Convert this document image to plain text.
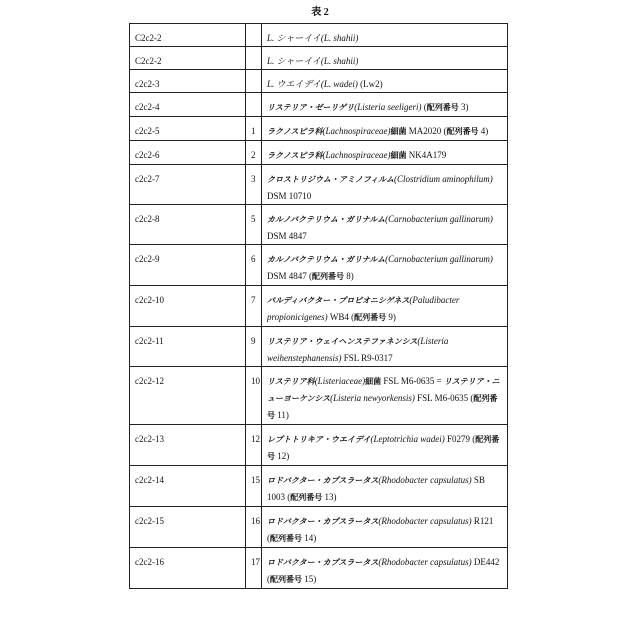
表 2
C2c2-2		L. シャーイイ(L. shahii)
C2c2-2		L. シャーイイ(L. shahii)
c2c2-3		L. ウエイデイ(L. wadei) (Lw2)
c2c2-4		リステリア・ゼーリゲリ(Listeria seeligeri) (配列番号 3)
c2c2-5	1	ラクノスピラ科(Lachnospiraceae)細菌 MA2020 (配列番号 4)
c2c2-6	2	ラクノスピラ科(Lachnospiraceae)細菌 NK4A179
c2c2-7	3	クロストリジウム・アミノフィルム(Clostridium aminophilum) DSM 10710
c2c2-8	5	カルノバクテリウム・ガリナルム(Carnobacterium gallinarum) DSM 4847
c2c2-9	6	カルノバクテリウム・ガリナルム(Carnobacterium gallinarum) DSM 4847 (配列番号 8)
c2c2-10	7	パルディバクター・プロピオニシゲネス(Paludibacter propionicigenes) WB4 (配列番号 9)
c2c2-11	9	リステリア・ウェイヘンステファネンシス(Listeria weihenstephanensis) FSL R9-0317
c2c2-12	10	リステリア科(Listeriaceae)細菌 FSL M6-0635 = リステリア・ニューヨーケンシス(Listeria newyorkensis) FSL M6-0635 (配列番号 11)
c2c2-13	12	レプトトリキア・ウエイデイ(Leptotrichia wadei) F0279 (配列番号 12)
c2c2-14	15	ロドバクター・カプスラータス(Rhodobacter capsulatus) SB 1003 (配列番号 13)
c2c2-15	16	ロドバクター・カプスラータス(Rhodobacter capsulatus) R121 (配列番号 14)
c2c2-16	17	ロドバクター・カプスラータス(Rhodobacter capsulatus) DE442 (配列番号 15)
